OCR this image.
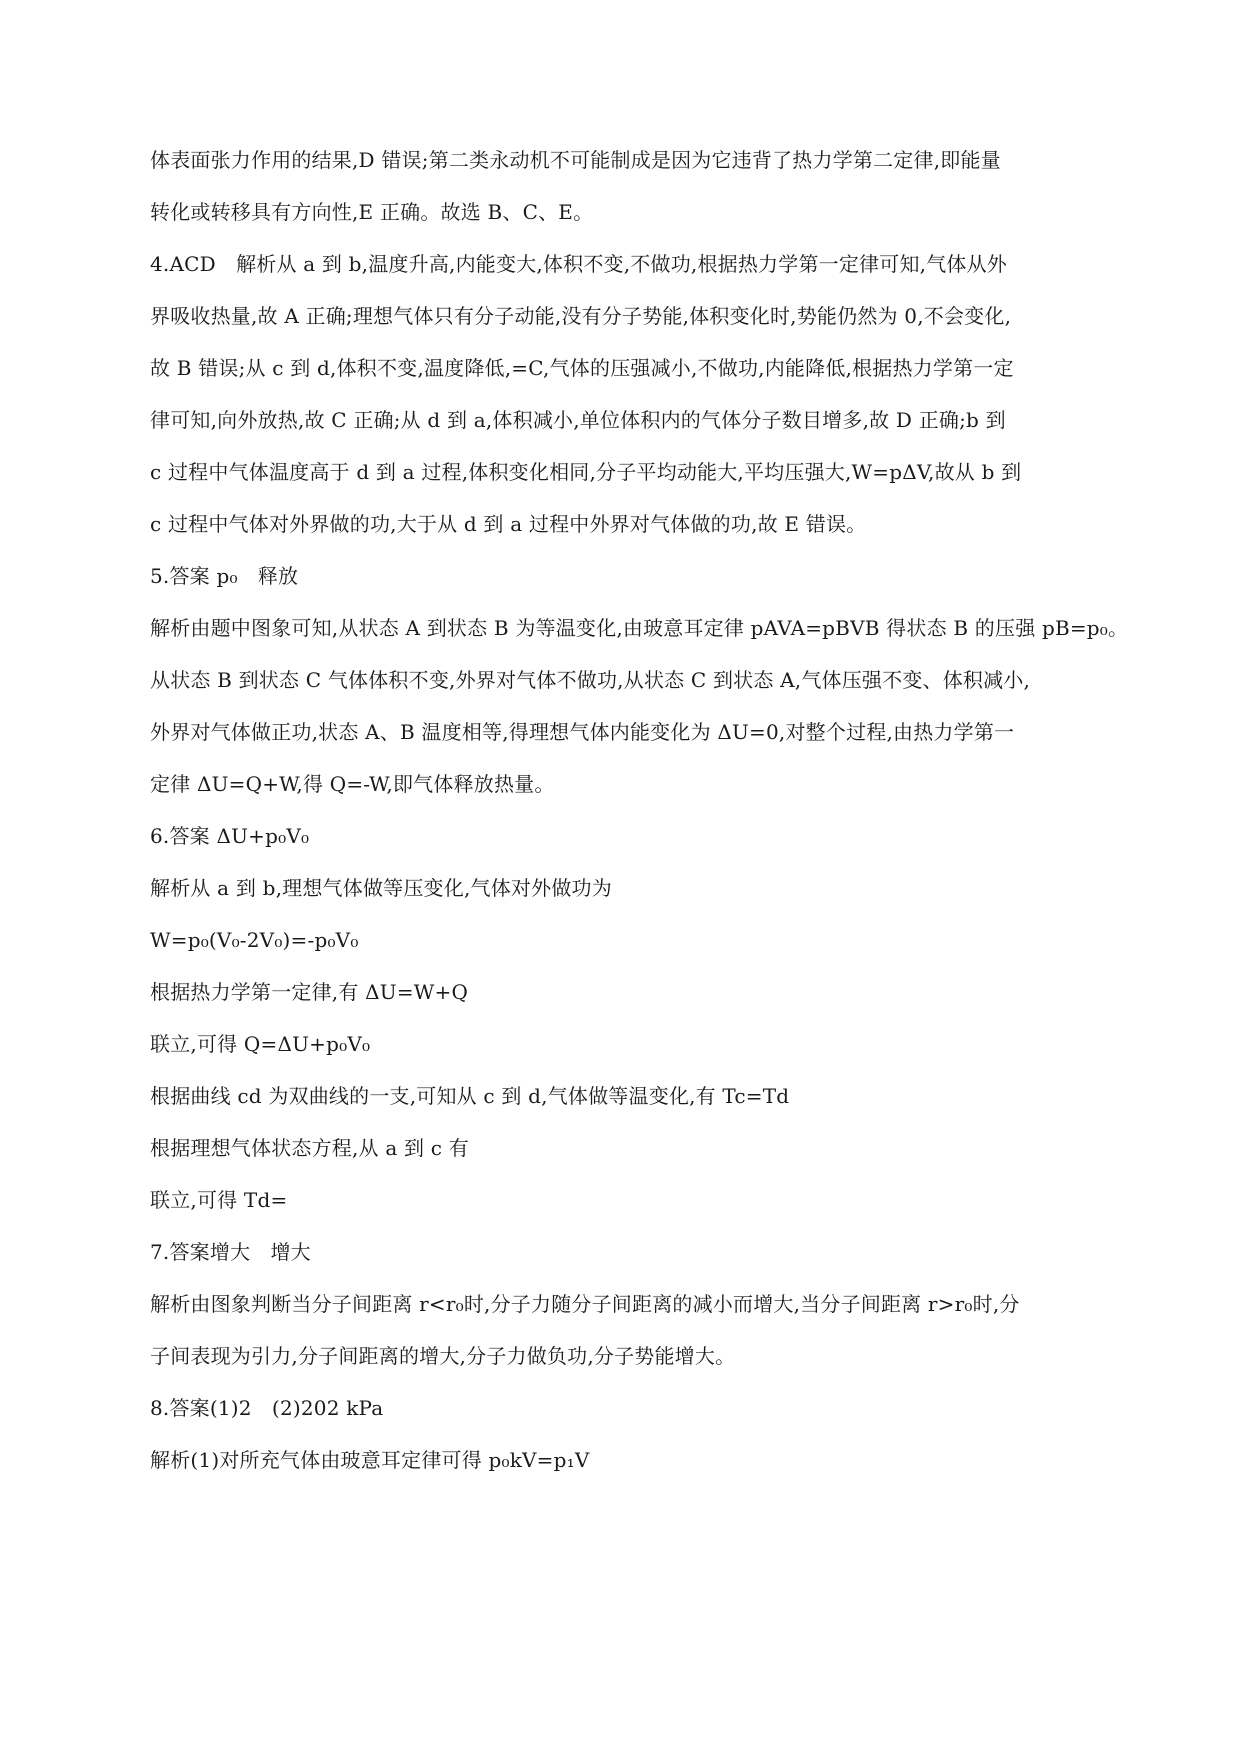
体表面张力作用的结果,D 错误;第二类永动机不可能制成是因为它违背了热力学第二定律,即能量
转化或转移具有方向性,E 正确。故选 B、C、E。
4.ACD　解析从 a 到 b,温度升高,内能变大,体积不变,不做功,根据热力学第一定律可知,气体从外
界吸收热量,故 A 正确;理想气体只有分子动能,没有分子势能,体积变化时,势能仍然为 0,不会变化,
故 B 错误;从 c 到 d,体积不变,温度降低,=C,气体的压强减小,不做功,内能降低,根据热力学第一定
律可知,向外放热,故 C 正确;从 d 到 a,体积减小,单位体积内的气体分子数目增多,故 D 正确;b 到
c 过程中气体温度高于 d 到 a 过程,体积变化相同,分子平均动能大,平均压强大,W=pΔV,故从 b 到
c 过程中气体对外界做的功,大于从 d 到 a 过程中外界对气体做的功,故 E 错误。
5.答案 p₀　释放
解析由题中图象可知,从状态 A 到状态 B 为等温变化,由玻意耳定律 pAVA=pBVB 得状态 B 的压强 pB=p₀。
从状态 B 到状态 C 气体体积不变,外界对气体不做功,从状态 C 到状态 A,气体压强不变、体积减小,
外界对气体做正功,状态 A、B 温度相等,得理想气体内能变化为 ΔU=0,对整个过程,由热力学第一
定律 ΔU=Q+W,得 Q=-W,即气体释放热量。
6.答案 ΔU+p₀V₀
解析从 a 到 b,理想气体做等压变化,气体对外做功为
W=p₀(V₀-2V₀)=-p₀V₀
根据热力学第一定律,有 ΔU=W+Q
联立,可得 Q=ΔU+p₀V₀
根据曲线 cd 为双曲线的一支,可知从 c 到 d,气体做等温变化,有 Tc=Td
根据理想气体状态方程,从 a 到 c 有
联立,可得 Td=
7.答案增大　增大
解析由图象判断当分子间距离 r<r₀时,分子力随分子间距离的减小而增大,当分子间距离 r>r₀时,分
子间表现为引力,分子间距离的增大,分子力做负功,分子势能增大。
8.答案(1)2　(2)202 kPa
解析(1)对所充气体由玻意耳定律可得 p₀kV=p₁V
